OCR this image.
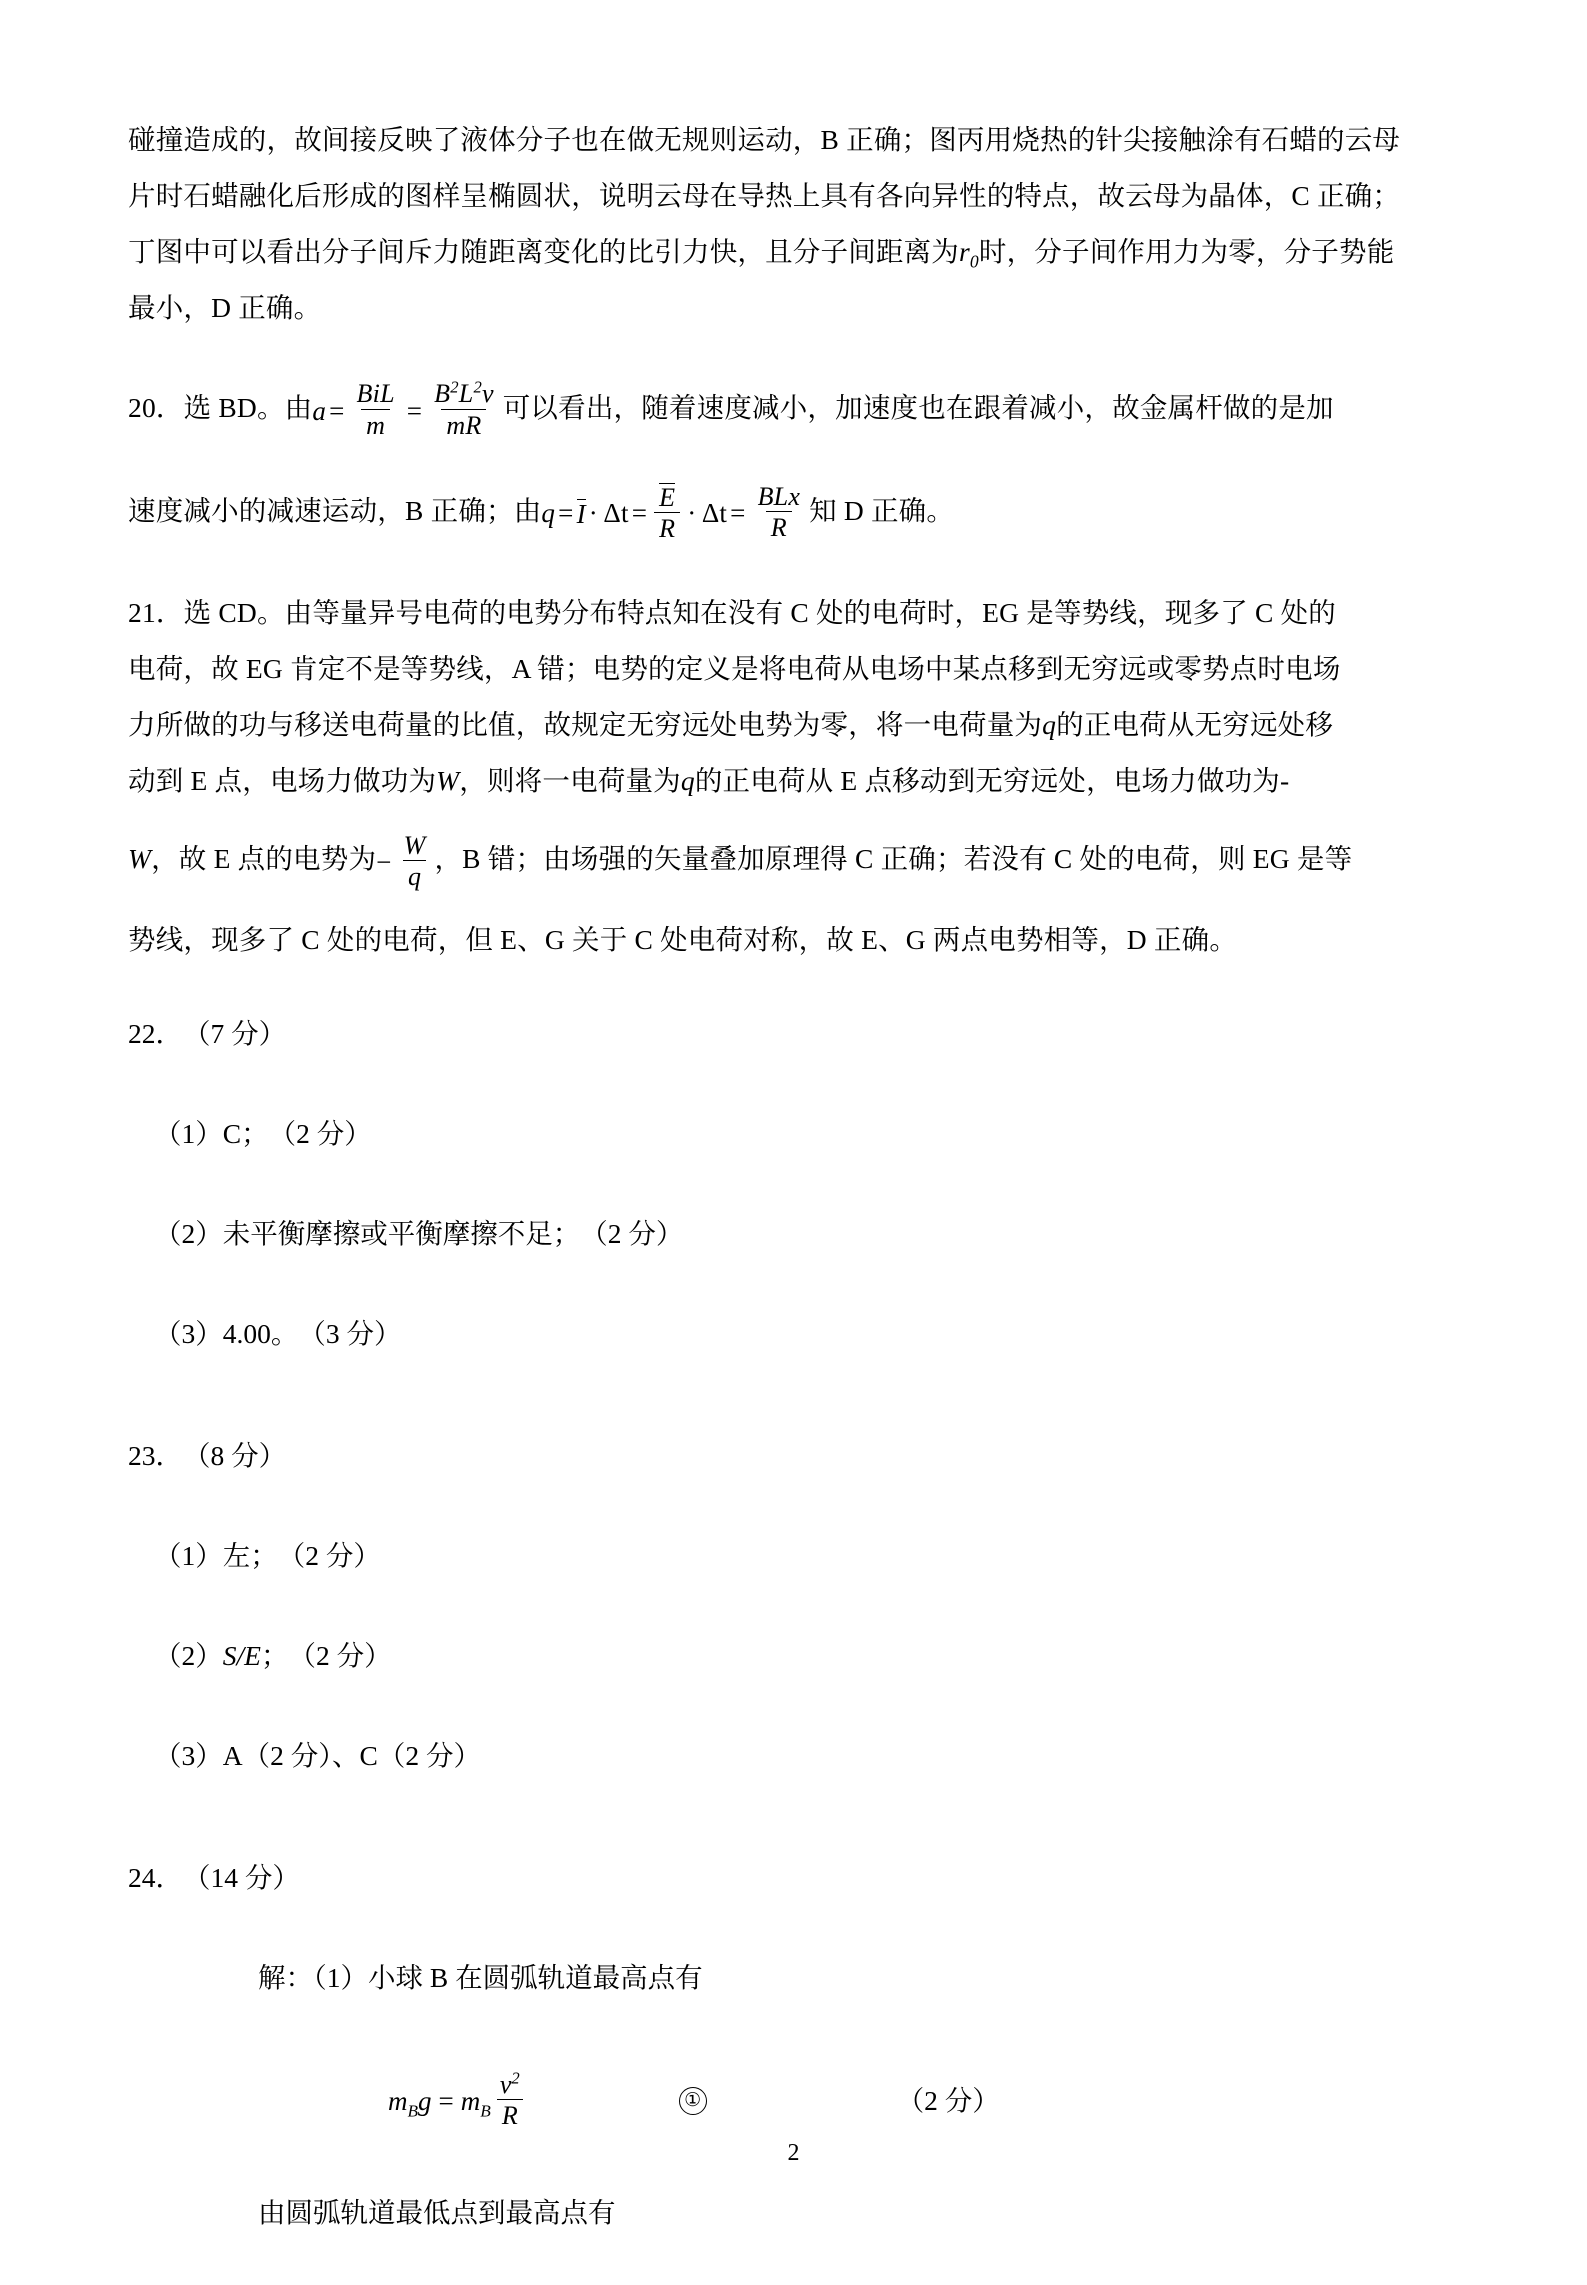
碰撞造成的，故间接反映了液体分子也在做无规则运动，B 正确；图丙用烧热的针尖接触涂有石蜡的云母
片时石蜡融化后形成的图样呈椭圆状，说明云母在导热上具有各向异性的特点，故云母为晶体，C 正确；
丁图中可以看出分子间斥力随距离变化的比引力快，且分子间距离为$r_0$时，分子间作用力为零，分子势能
最小，D 正确。
20．选 BD。由 $a = \frac{\text{BiL}}{m} = \frac{B^2L^2v}{mR}$ 可以看出，随着速度减小，加速度也在跟着减小，故金属杆做的是加
速度减小的减速运动，B 正确；由 $q = I \cdot \Delta t = \frac{E}{R} \cdot \Delta t = \frac{\text{BLx}}{R}$ 知 D 正确。
21．选 CD。由等量异号电荷的电势分布特点知在没有 C 处的电荷时，EG 是等势线，现多了 C 处的
电荷，故 EG 肯定不是等势线，A 错；电势的定义是将电荷从电场中某点移到无穷远或零势点时电场
力所做的功与移送电荷量的比值，故规定无穷远处电势为零，将一电荷量为q的正电荷从无穷远处移
动到 E 点，电场力做功为W，则将一电荷量为q的正电荷从 E 点移动到无穷远处，电场力做功为-
W，故 E 点的电势为 − $\frac{W}{q}$ ，B 错；由场强的矢量叠加原理得 C 正确；若没有 C 处的电荷，则 EG 是等
势线，现多了 C 处的电荷，但 E、G 关于 C 处电荷对称，故 E、G 两点电势相等，D 正确。
22．　（7 分）
（1）C；　（2 分）
（2）未平衡摩擦或平衡摩擦不足；　（2 分）
（3）4.00。　（3 分）
23．　（8 分）
（1）左；　（2 分）
（2）S/E；　（2 分）
（3）A（2 分）、C（2 分）
24．　（14 分）
解：（1）小球 B 在圆弧轨道最高点有
$m_Bg = m_B \frac{v^2}{R}$	①	（2 分）
由圆弧轨道最低点到最高点有
2
